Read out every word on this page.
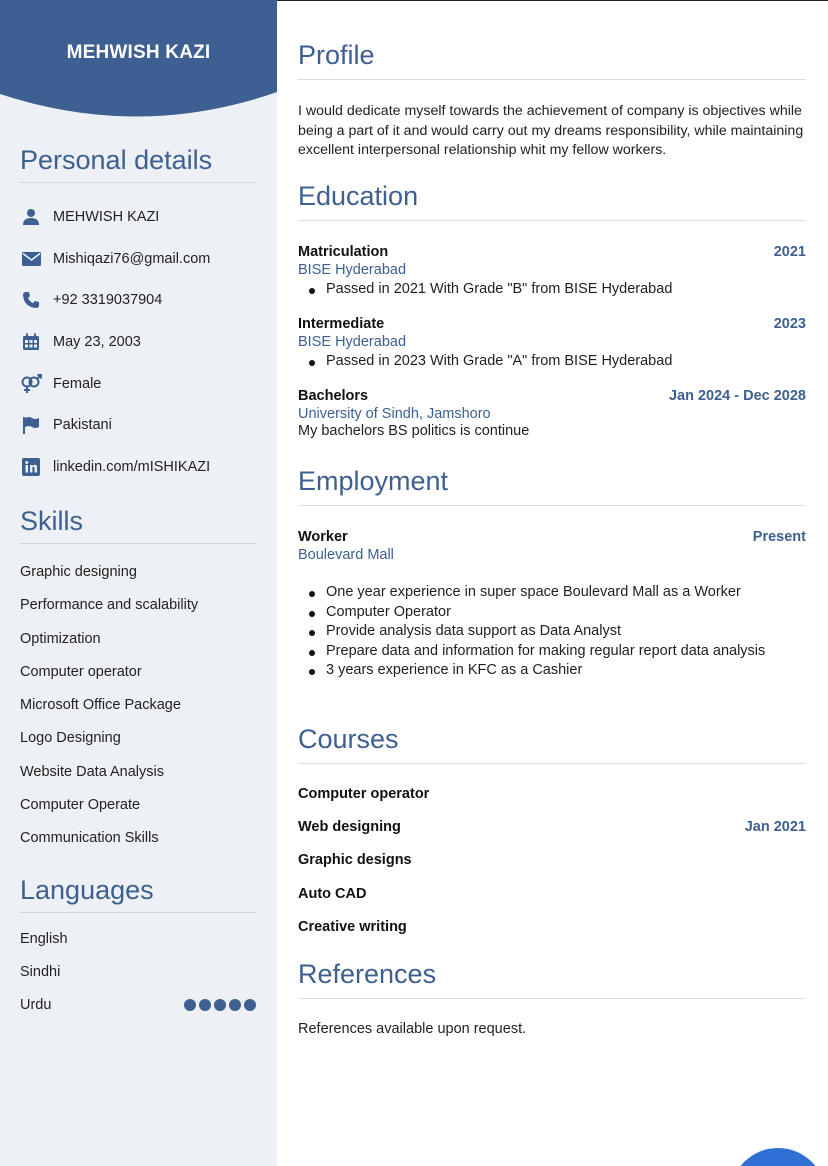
MEHWISH KAZI
Personal details
MEHWISH KAZI
Mishiqazi76@gmail.com
+92 3319037904
May 23, 2003
Female
Pakistani
linkedin.com/mISHIKAZI
Skills
Graphic designing
Performance and scalability
Optimization
Computer operator
Microsoft Office Package
Logo Designing
Website Data Analysis
Computer Operate
Communication Skills
Languages
English
Sindhi
Urdu
Profile
I would dedicate myself towards the achievement of company is objectives while being a part of it and would carry out my dreams responsibility, while maintaining excellent interpersonal relationship whit my fellow workers.
Education
Matriculation	2021
BISE Hyderabad
Passed in 2021 With Grade "B" from BISE Hyderabad
Intermediate	2023
BISE Hyderabad
Passed in 2023 With Grade "A" from BISE Hyderabad
Bachelors	Jan 2024 - Dec 2028
University of Sindh, Jamshoro
My bachelors BS politics is continue
Employment
Worker	Present
Boulevard Mall
One year experience in super space Boulevard Mall as a Worker
Computer Operator
Provide analysis data support as Data Analyst
Prepare data and information for making regular report data analysis
3 years experience in KFC as a Cashier
Courses
Computer operator
Web designing	Jan 2021
Graphic designs
Auto CAD
Creative writing
References
References available upon request.
